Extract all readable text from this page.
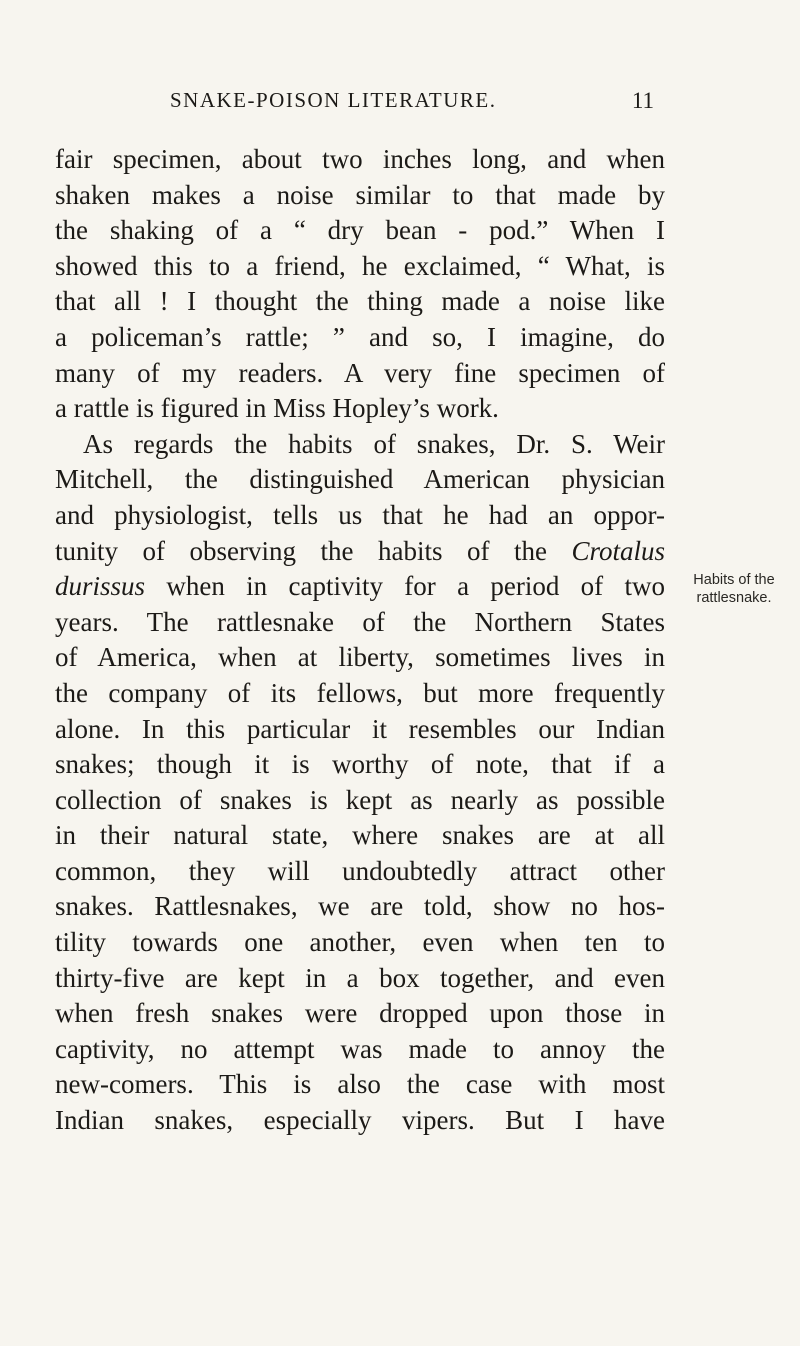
SNAKE-POISON LITERATURE.	11
fair specimen, about two inches long, and when
shaken makes a noise similar to that made by
the shaking of a “ dry bean - pod.” When I
showed this to a friend, he exclaimed, “ What, is
that all ! I thought the thing made a noise like
a policeman’s rattle; ” and so, I imagine, do
many of my readers. A very fine specimen of
a rattle is figured in Miss Hopley’s work.
As regards the habits of snakes, Dr. S. Weir
Mitchell, the distinguished American physician
and physiologist, tells us that he had an oppor-
tunity of observing the habits of the Crotalus
durissus when in captivity for a period of two
years. The rattlesnake of the Northern States
of America, when at liberty, sometimes lives in
the company of its fellows, but more frequently
alone. In this particular it resembles our Indian
snakes; though it is worthy of note, that if a
collection of snakes is kept as nearly as possible
in their natural state, where snakes are at all
common, they will undoubtedly attract other
snakes. Rattlesnakes, we are told, show no hos-
tility towards one another, even when ten to
thirty-five are kept in a box together, and even
when fresh snakes were dropped upon those in
captivity, no attempt was made to annoy the
new-comers. This is also the case with most
Indian snakes, especially vipers. But I have
Habits of the
rattlesnake.
